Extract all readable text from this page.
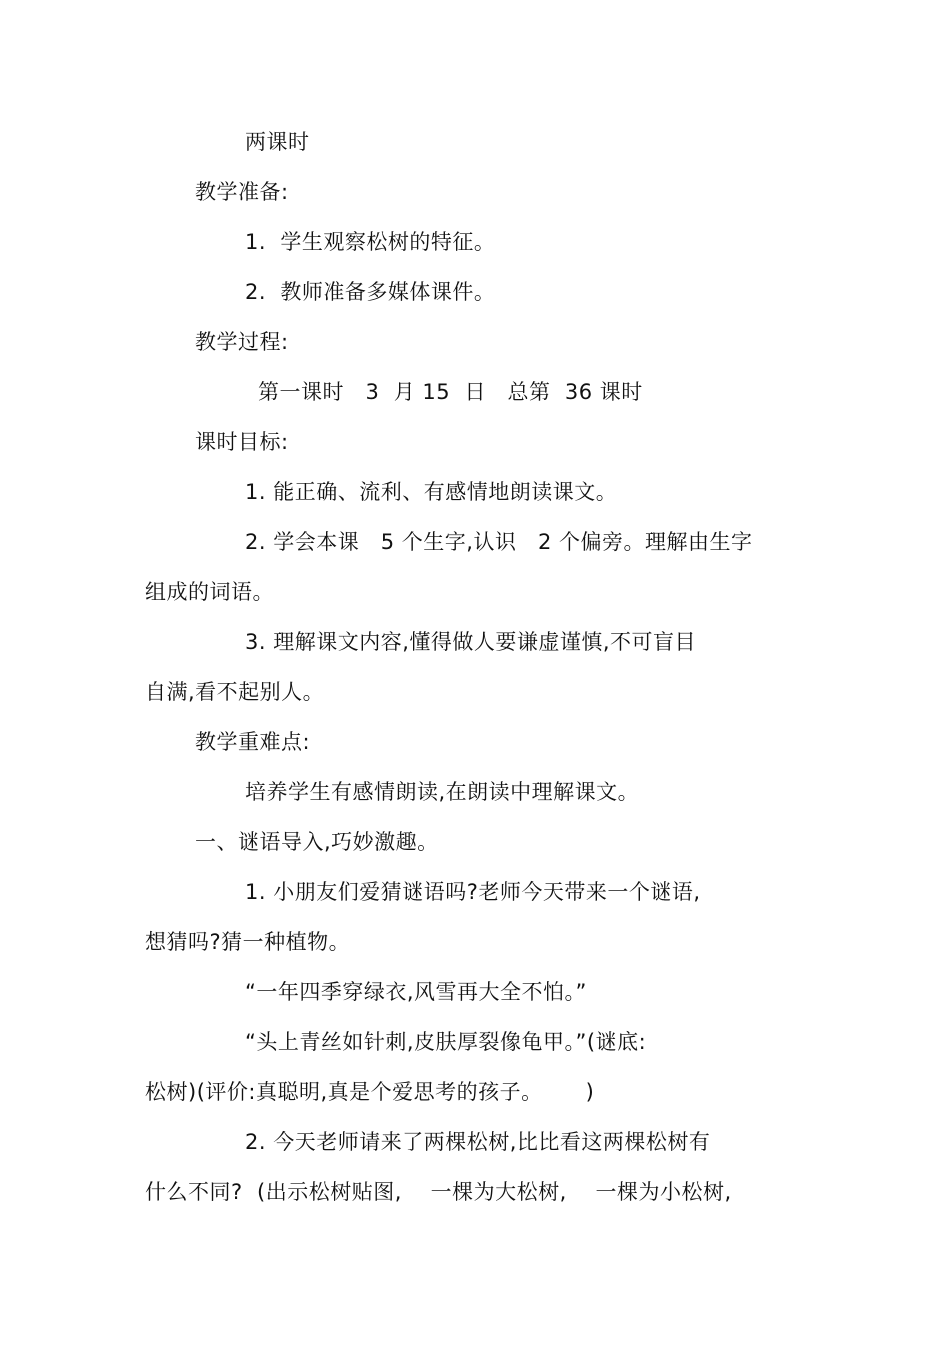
两课时
教学准备:
1.  学生观察松树的特征。
2.  教师准备多媒体课件。
教学过程:
第一课时   3  月 15  日   总第  36 课时
课时目标:
1. 能正确、流利、有感情地朗读课文。
2. 学会本课   5 个生字,认识   2 个偏旁。理解由生字
组成的词语。
3. 理解课文内容,懂得做人要谦虚谨慎,不可盲目
自满,看不起别人。
教学重难点:
培养学生有感情朗读,在朗读中理解课文。
一、谜语导入,巧妙激趣。
1. 小朋友们爱猜谜语吗?老师今天带来一个谜语,
想猜吗?猜一种植物。
“一年四季穿绿衣,风雪再大全不怕。”
“头上青丝如针刺,皮肤厚裂像龟甲。”(谜底:
松树)(评价:真聪明,真是个爱思考的孩子。      )
2. 今天老师请来了两棵松树,比比看这两棵松树有
什么不同?  (出示松树贴图,    一棵为大松树,    一棵为小松树,
